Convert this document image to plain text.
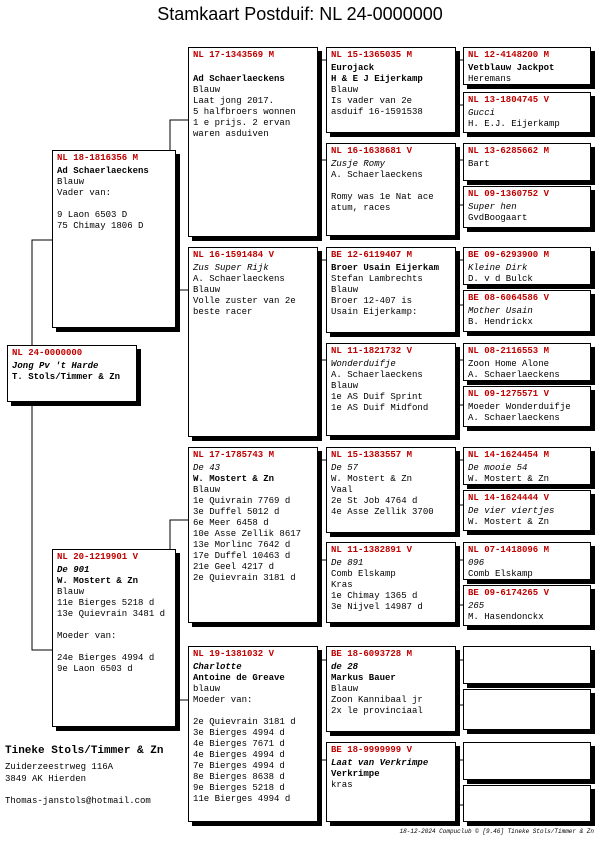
Stamkaart Postduif: NL 24-0000000
NL 24-0000000
Jong Pv 't Harde
T. Stols/Timmer & Zn
NL 18-1816356 M
Ad Schaerlaeckens
Blauw
Vader van:
9 Laon 6503 D
75 Chimay 1806 D
NL 20-1219901 V
De 901
W. Mostert & Zn
Blauw
11e Bierges 5218 d
13e Quievrain 3481 d
Moeder van:
24e Bierges 4994 d
9e Laon 6503 d
NL 17-1343569 M
Ad Schaerlaeckens
Blauw
Laat jong 2017.
5 halfbroers wonnen
1 e prijs. 2 ervan
waren asduiven
NL 16-1591484 V
Zus Super Rijk
A. Schaerlaeckens
Blauw
Volle zuster van 2e
beste racer
NL 17-1785743 M
De 43
W. Mostert & Zn
Blauw
1e Quivrain 7769 d
3e Duffel 5012 d
6e Meer 6458 d
10e Asse Zellik 8617
13e Morlinc 7642 d
17e Duffel 10463 d
21e Geel 4217 d
2e Quievrain 3181 d
NL 19-1381032 V
Charlotte
Antoine de Greave
blauw
Moeder van:
2e Quievrain 3181 d
3e Bierges 4994 d
4e Bierges 7671 d
4e Bierges 4994 d
7e Bierges 4994 d
8e Bierges 8638 d
9e Bierges 5218 d
11e Bierges 4994 d
NL 15-1365035 M
Eurojack
H & E J Eijerkamp
Blauw
Is vader van 2e
asduif 16-1591538
NL 16-1638681 V
Zusje Romy
A. Schaerlaeckens
Romy was 1e Nat ace
atum, races
BE 12-6119407 M
Broer Usain Eijerkam
Stefan Lambrechts
Blauw
Broer 12-407 is
Usain Eijerkamp:
NL 11-1821732 V
Wonderduifje
A. Schaerlaeckens
Blauw
1e AS Duif Sprint
1e AS Duif Midfond
NL 15-1383557 M
De 57
W. Mostert & Zn
Vaal
2e St Job 4764 d
4e Asse Zellik 3700
NL 11-1382891 V
De 891
Comb Elskamp
Kras
1e Chimay 1365 d
3e Nijvel 14987 d
BE 18-6093728 M
de 28
Markus Bauer
Blauw
Zoon Kannibaal jr
2x le provinciaal
BE 18-9999999 V
Laat van Verkrimpe
Verkrimpe
kras
NL 12-4148200 M
Vetblauw Jackpot
Heremans
NL 13-1804745 V
Gucci
H. E.J. Eijerkamp
NL 13-6285662 M
Bart
NL 09-1360752 V
Super hen
GvdBoogaart
BE 09-6293900 M
Kleine Dirk
D. v d Bulck
BE 08-6064586 V
Mother Usain
B. Hendrickx
NL 08-2116553 M
Zoon Home Alone
A. Schaerlaeckens
NL 09-1275571 V
Moeder Wonderduifje
A. Schaerlaeckens
NL 14-1624454 M
De mooie 54
W. Mostert & Zn
NL 14-1624444 V
De vier viertjes
W. Mostert & Zn
NL 07-1418096 M
096
Comb Elskamp
BE 09-6174265 V
265
M. Hasendonckx
Tineke Stols/Timmer & Zn
Zuiderzeestrweg 116A
3849 AK Hierden
Thomas-janstols@hotmail.com
18-12-2024 Compuclub © [9.46] Tineke Stols/Timmer & Zn
